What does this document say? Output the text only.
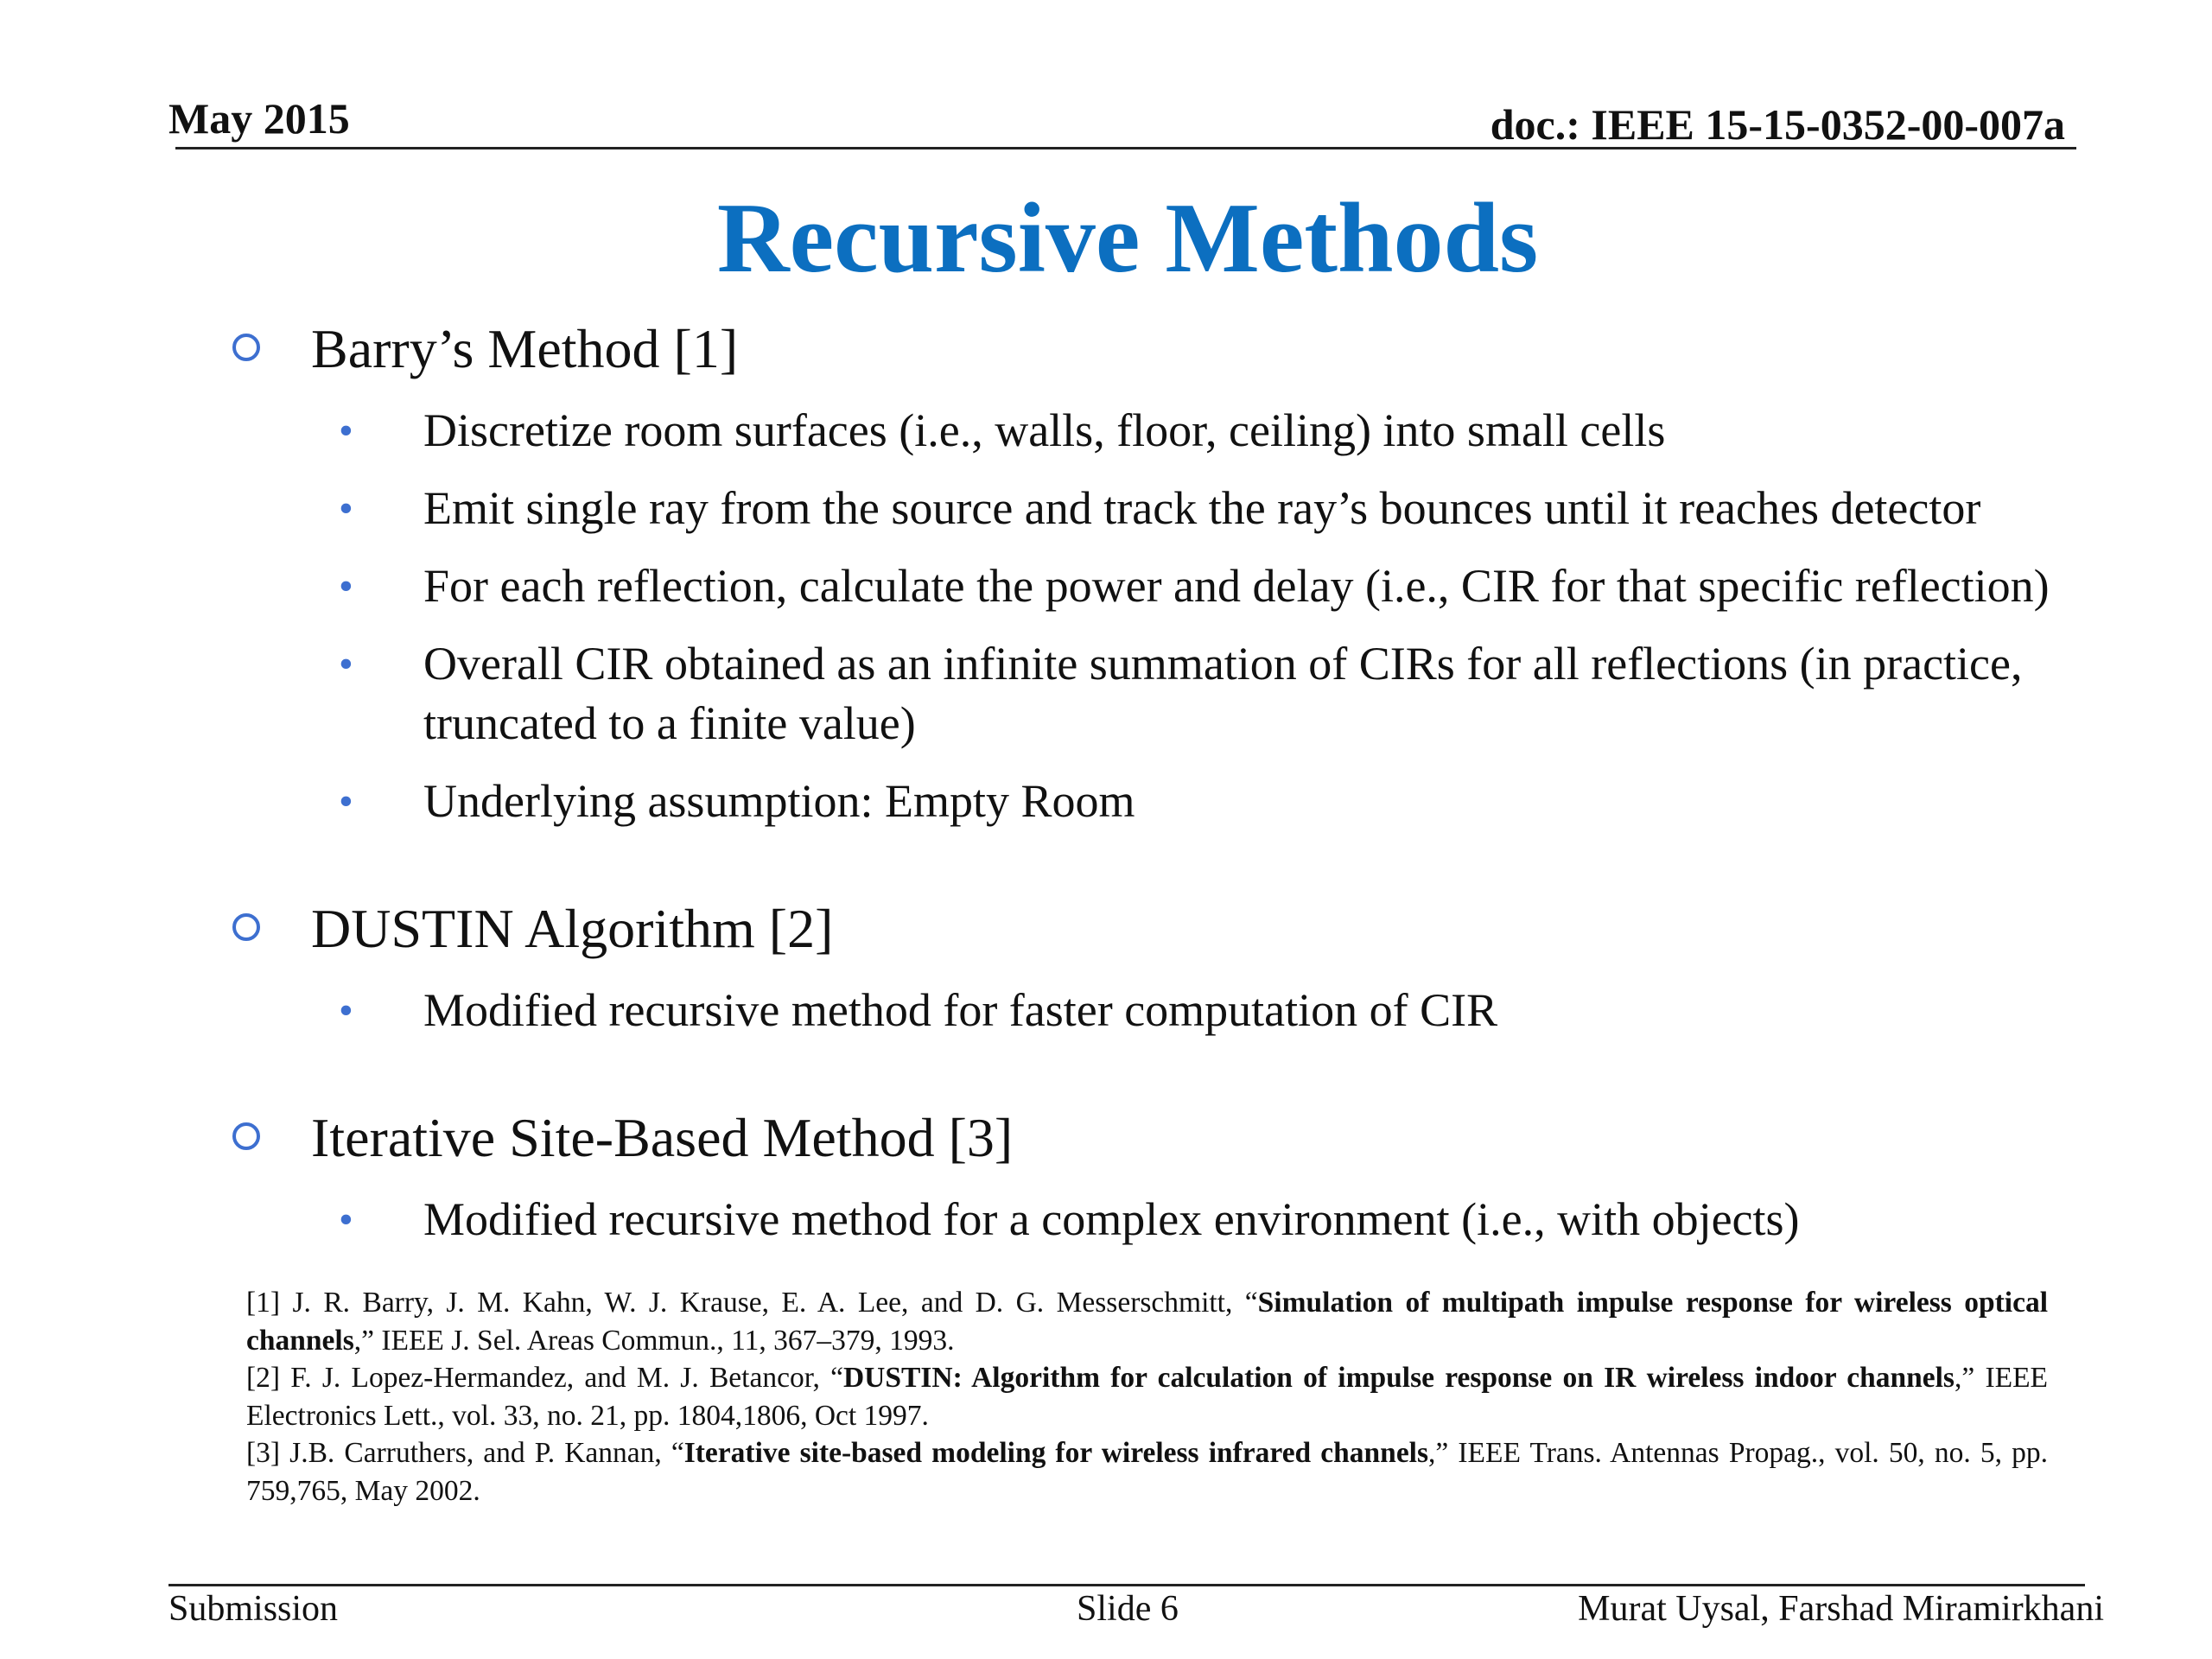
May 2015	doc.: IEEE 15-15-0352-00-007a
Recursive Methods
Barry’s Method [1]
• Discretize room surfaces (i.e., walls, floor, ceiling) into small cells
• Emit single ray from the source and track the ray’s bounces until it reaches detector
• For each reflection, calculate the power and delay (i.e., CIR for that specific reflection)
• Overall CIR obtained as an infinite summation of CIRs for all reflections (in practice, truncated to a finite value)
• Underlying assumption: Empty Room
DUSTIN Algorithm [2]
• Modified recursive method for faster computation of CIR
Iterative Site-Based Method [3]
• Modified recursive method for a complex environment (i.e., with objects)

[1] J. R. Barry, J. M. Kahn, W. J. Krause, E. A. Lee, and D. G. Messerschmitt, “Simulation of multipath impulse response for wireless optical channels,” IEEE J. Sel. Areas Commun., 11, 367–379, 1993.

[2] F. J. Lopez-Hermandez, and M. J. Betancor, “DUSTIN: Algorithm for calculation of impulse response on IR wireless indoor channels,” IEEE Electronics Lett., vol. 33, no. 21, pp. 1804,1806, Oct 1997.

[3] J.B. Carruthers, and P. Kannan, “Iterative site-based modeling for wireless infrared channels,” IEEE Trans. Antennas Propag., vol. 50, no. 5, pp. 759,765, May 2002.

Submission	Slide 6	Murat Uysal, Farshad Miramirkhani
